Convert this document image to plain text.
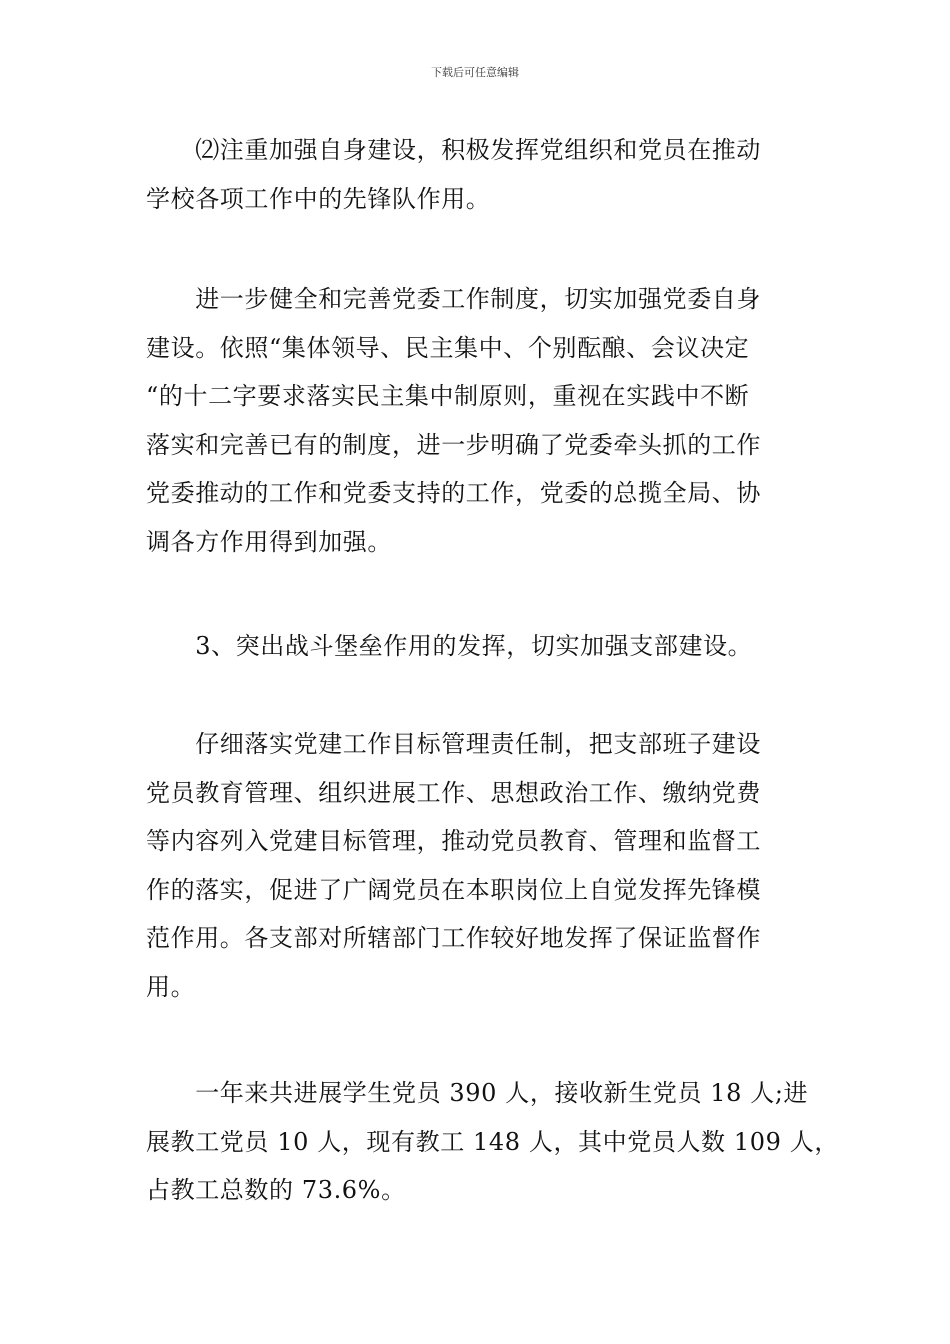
下载后可任意编辑

　　⑵注重加强自身建设，积极发挥党组织和党员在推动
学校各项工作中的先锋队作用。

　　进一步健全和完善党委工作制度，切实加强党委自身
建设。依照“集体领导、民主集中、个别酝酿、会议决定
“的十二字要求落实民主集中制原则，重视在实践中不断
落实和完善已有的制度，进一步明确了党委牵头抓的工作
党委推动的工作和党委支持的工作，党委的总揽全局、协
调各方作用得到加强。

　　3、突出战斗堡垒作用的发挥，切实加强支部建设。

　　仔细落实党建工作目标管理责任制，把支部班子建设
党员教育管理、组织进展工作、思想政治工作、缴纳党费
等内容列入党建目标管理，推动党员教育、管理和监督工
作的落实，促进了广阔党员在本职岗位上自觉发挥先锋模
范作用。各支部对所辖部门工作较好地发挥了保证监督作
用。

　　一年来共进展学生党员 390 人，接收新生党员 18 人;进
展教工党员 10 人，现有教工 148 人，其中党员人数 109 人，
占教工总数的 73.6%。
